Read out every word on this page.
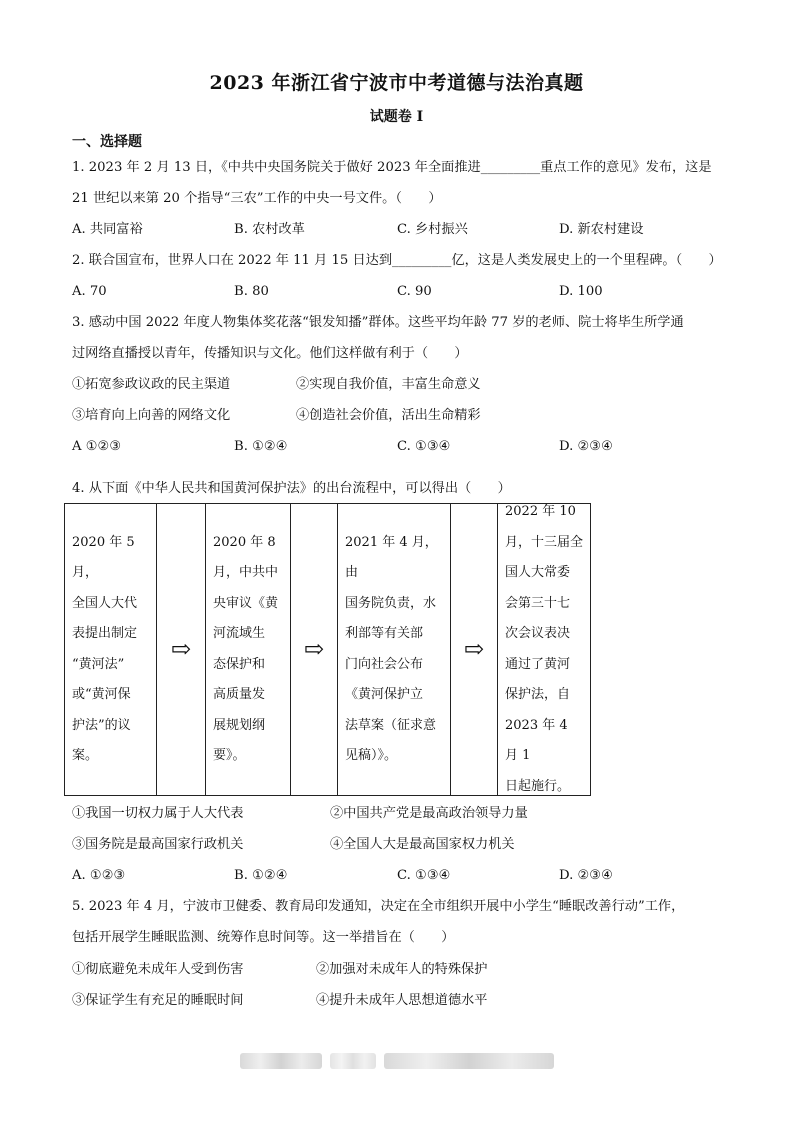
2023 年浙江省宁波市中考道德与法治真题
试题卷 I
一、选择题
1. 2023 年 2 月 13 日，《中共中央国务院关于做好 2023 年全面推进_________重点工作的意见》发布，这是
21 世纪以来第 20 个指导“三农”工作的中央一号文件。（　　）
A. 共同富裕	B. 农村改革	C. 乡村振兴	D. 新农村建设
2. 联合国宣布，世界人口在 2022 年 11 月 15 日达到_________亿，这是人类发展史上的一个里程碑。（　　）
A. 70	B. 80	C. 90	D. 100
3. 感动中国 2022 年度人物集体奖花落“银发知播”群体。这些平均年龄 77 岁的老师、院士将毕生所学通
过网络直播授以青年，传播知识与文化。他们这样做有利于（　　）
①拓宽参政议政的民主渠道	②实现自我价值，丰富生命意义
③培育向上向善的网络文化	④创造社会价值，活出生命精彩
A ①②③	B. ①②④	C. ①③④	D. ②③④
4. 从下面《中华人民共和国黄河保护法》的出台流程中，可以得出（　　）
2020 年 5 月，
全国人大代
表提出制定
“黄河法”
或“黄河保
护法”的议
案。
⇨
2020 年 8
月，中共中
央审议《黄
河流域生
态保护和
高质量发
展规划纲
要》。
⇨
2021 年 4 月，由
国务院负责，水
利部等有关部
门向社会公布
《黄河保护立
法草案（征求意
见稿）》。
⇨
2022 年 10
月，十三届全
国人大常委
会第三十七
次会议表决
通过了黄河
保护法，自
2023 年 4 月 1
日起施行。
①我国一切权力属于人大代表	②中国共产党是最高政治领导力量
③国务院是最高国家行政机关	④全国人大是最高国家权力机关
A. ①②③	B. ①②④	C. ①③④	D. ②③④
5. 2023 年 4 月，宁波市卫健委、教育局印发通知，决定在全市组织开展中小学生“睡眠改善行动”工作，
包括开展学生睡眠监测、统筹作息时间等。这一举措旨在（　　）
①彻底避免未成年人受到伤害	②加强对未成年人的特殊保护
③保证学生有充足的睡眠时间	④提升未成年人思想道德水平
